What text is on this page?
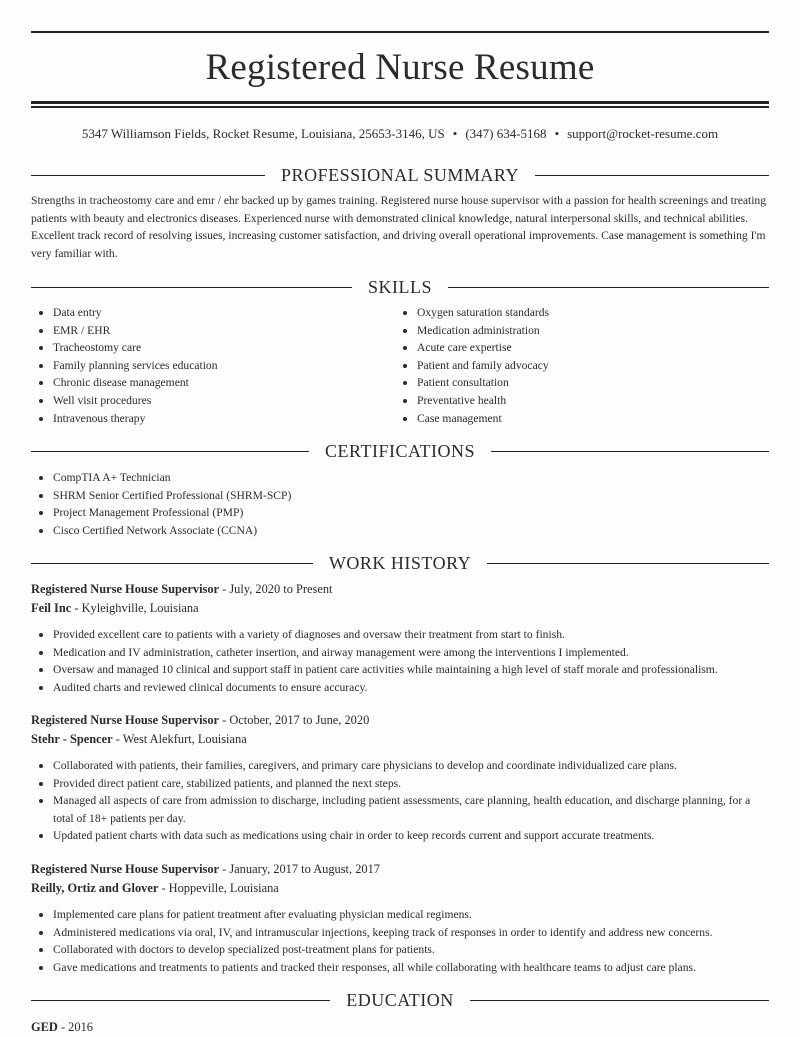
Registered Nurse Resume
5347 Williamson Fields, Rocket Resume, Louisiana, 25653-3146, US • (347) 634-5168 • support@rocket-resume.com
PROFESSIONAL SUMMARY

Strengths in tracheostomy care and emr / ehr backed up by games training. Registered nurse house supervisor with a passion for health screenings and treating patients with beauty and electronics diseases. Experienced nurse with demonstrated clinical knowledge, natural interpersonal skills, and technical abilities. Excellent track record of resolving issues, increasing customer satisfaction, and driving overall operational improvements. Case management is something I'm very familiar with.

SKILLS
Data entry
EMR / EHR
Tracheostomy care
Family planning services education
Chronic disease management
Well visit procedures
Intravenous therapy
Oxygen saturation standards
Medication administration
Acute care expertise
Patient and family advocacy
Patient consultation
Preventative health
Case management
CERTIFICATIONS
CompTIA A+ Technician
SHRM Senior Certified Professional (SHRM-SCP)
Project Management Professional (PMP)
Cisco Certified Network Associate (CCNA)
WORK HISTORY
Registered Nurse House Supervisor - July, 2020 to Present
Feil Inc - Kyleighville, Louisiana
Provided excellent care to patients with a variety of diagnoses and oversaw their treatment from start to finish.
Medication and IV administration, catheter insertion, and airway management were among the interventions I implemented.
Oversaw and managed 10 clinical and support staff in patient care activities while maintaining a high level of staff morale and professionalism.
Audited charts and reviewed clinical documents to ensure accuracy.
Registered Nurse House Supervisor - October, 2017 to June, 2020
Stehr - Spencer - West Alekfurt, Louisiana
Collaborated with patients, their families, caregivers, and primary care physicians to develop and coordinate individualized care plans.
Provided direct patient care, stabilized patients, and planned the next steps.
Managed all aspects of care from admission to discharge, including patient assessments, care planning, health education, and discharge planning, for a total of 18+ patients per day.
Updated patient charts with data such as medications using chair in order to keep records current and support accurate treatments.
Registered Nurse House Supervisor - January, 2017 to August, 2017
Reilly, Ortiz and Glover - Hoppeville, Louisiana
Implemented care plans for patient treatment after evaluating physician medical regimens.
Administered medications via oral, IV, and intramuscular injections, keeping track of responses in order to identify and address new concerns.
Collaborated with doctors to develop specialized post-treatment plans for patients.
Gave medications and treatments to patients and tracked their responses, all while collaborating with healthcare teams to adjust care plans.
EDUCATION
GED - 2016
